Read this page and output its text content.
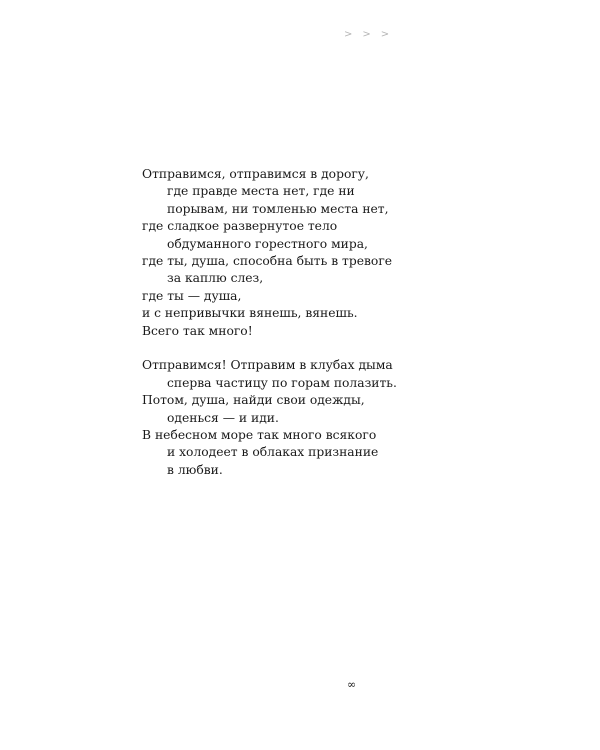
> > >
Отправимся, отправимся в дорогу,
где правде места нет, где ни
порывам, ни томленью места нет,
где сладкое развернутое тело
обдуманного горестного мира,
где ты, душа, способна быть в тревоге
за каплю слез,
где ты — душа,
и с непривычки вянешь, вянешь.
Всего так много!
Отправимся! Отправим в клубах дыма
сперва частицу по горам полазить.
Потом, душа, найди свои одежды,
оденься — и иди.
В небесном море так много всякого
и холодеет в облаках признание
в любви.
∞
